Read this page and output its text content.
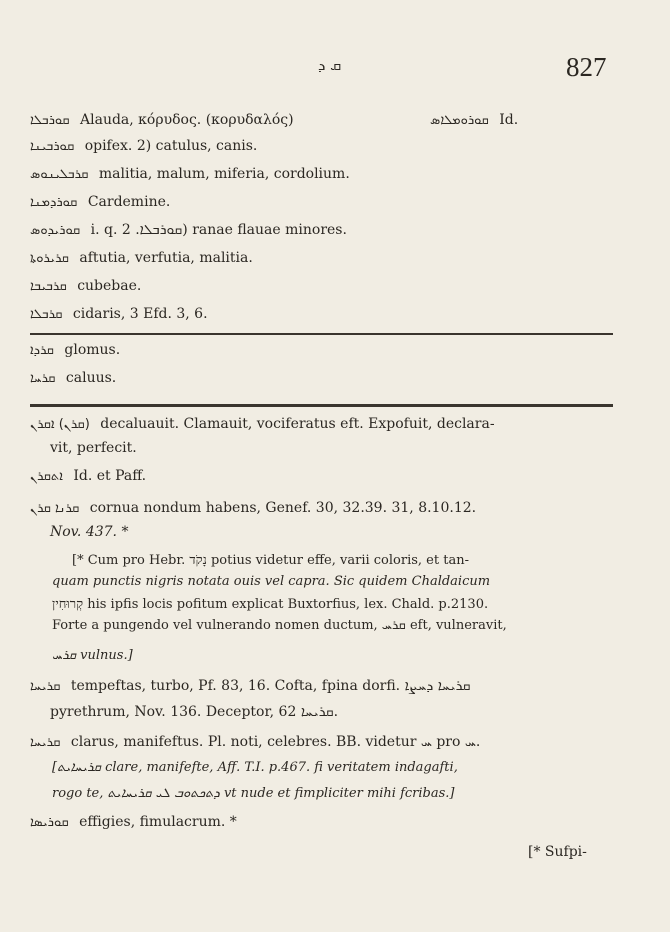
ܩ ܕ	827
ܩܘܪܒܠܐ Alauda, κόρυδος. (κορυδαλός)	ܩܘܪܘܡܠܐܣ Id.
ܩܘܪܒܝܢܐ opifex. 2) catulus, canis.
ܩܪܒܠܝܢܘܣ malitia, malum, miferia, cordolium.
ܩܘܪܕܡܢܐ Cardemine.
ܩܘܪܝܕܘܣ i. q. ܩܘܪܒܠܐ. 2) ranae flauae minores.
ܩܪܝܪܘܬܐ aftutia, verfutia, malitia.
ܩܪܒܝܒܐ cubebae.
ܩܪܒܠܐ cidaris, 3 Efd. 3, 6.
ܩܪܕܐ glomus.
ܩܪܚܐ caluus.
(ܩܪܢ) ܐܩܪܢ decaluauit. Clamauit, vociferatus eft. Expofuit, declara-
vit, perfecit.
ܐܬܩܪܢ Id. et Paff.
ܩܪܢܐ ܩܪܢ cornua nondum habens, Genef. 30, 32.39. 31, 8.10.12.
Nov. 437. *
[* Cum pro Hebr. נָקֹד potius videtur effe, varii coloris, et tan-
quam punctis nigris notata ouis vel capra. Sic quidem Chaldaicum
קְרוּחִין his ipfis locis pofitum explicat Buxtorfius, lex. Chald. p.2130.
Forte a pungendo vel vulnerando nomen ductum, ܩܪܚ eft, vulneravit,
ܩܪܚ vulnus.]
ܩܪܝܚܐ tempeftas, turbo, Pf. 83, 16. Cofta, fpina dorfi. ܩܪܝܚܐ ܕܚܨܐ
pyrethrum, Nov. 136. Deceptor, ܩܪܝܚܐ 62.
ܩܪܝܚܐ clarus, manifeftus. Pl. noti, celebres. BB. videtur ܚ pro ܚ.
[ܩܪܝܚܐܝܬ clare, manifefte, Aff. T.I. p.467. fi veritatem indagafti,
rogo te, ܕܬܟܬܘܒ ܠܝ ܩܪܝܚܐܝܬ vt nude et fimpliciter mihi fcribas.]
ܩܘܪܝܣܐ effigies, fimulacrum. *
[* Sufpi-
